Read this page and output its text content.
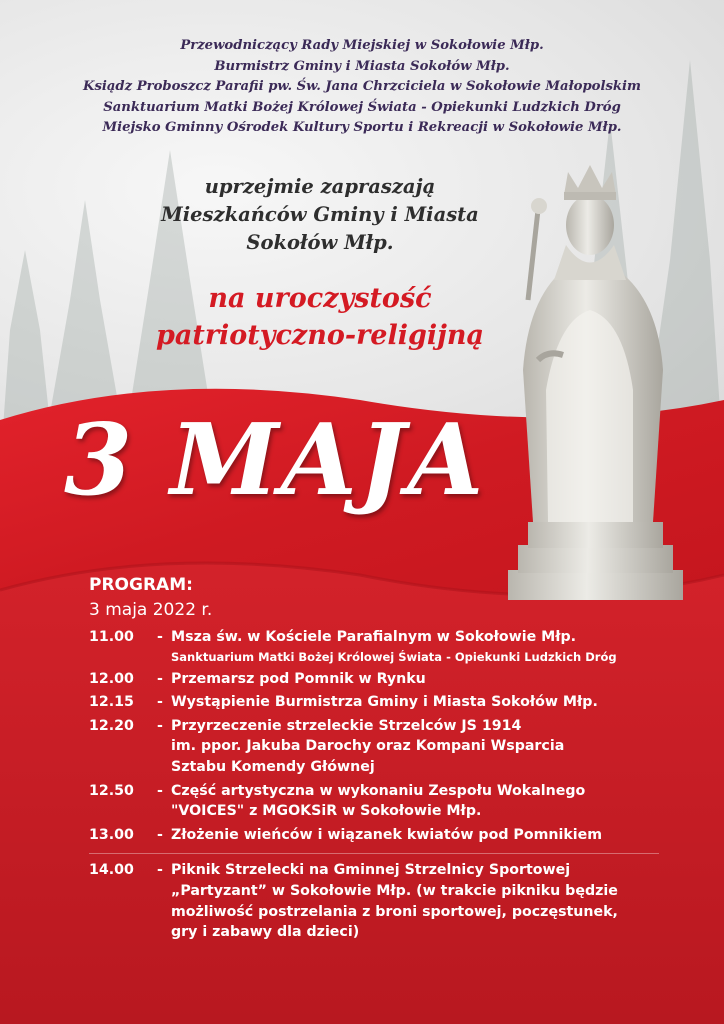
Przewodniczący Rady Miejskiej w Sokołowie Młp.
Burmistrz Gminy i Miasta Sokołów Młp.
Ksiądz Proboszcz Parafii pw. Św. Jana Chrzciciela w Sokołowie Małopolskim
Sanktuarium Matki Bożej Królowej Świata - Opiekunki Ludzkich Dróg
Miejsko Gminny Ośrodek Kultury Sportu i Rekreacji w Sokołowie Młp.
uprzejmie zapraszają
Mieszkańców Gminy i Miasta
Sokołów Młp.
na uroczystość
patriotyczno-religijną
3 MAJA
PROGRAM:
3 maja 2022 r.
11.00	- Msza św. w Kościele Parafialnym w Sokołowie Młp.
Sanktuarium Matki Bożej Królowej Świata - Opiekunki Ludzkich Dróg
12.00	- Przemarsz pod Pomnik w Rynku
12.15	- Wystąpienie Burmistrza Gminy i Miasta Sokołów Młp.
12.20	- Przyrzeczenie strzeleckie Strzelców JS 1914
im. ppor. Jakuba Darochy oraz Kompani Wsparcia
Sztabu Komendy Głównej
12.50	- Część artystyczna w wykonaniu Zespołu Wokalnego
"VOICES" z MGOKSiR w Sokołowie Młp.
13.00	- Złożenie wieńców i wiązanek kwiatów pod Pomnikiem
14.00	- Piknik Strzelecki na Gminnej Strzelnicy Sportowej
„Partyzant” w Sokołowie Młp. (w trakcie pikniku będzie
możliwość postrzelania z broni sportowej, poczęstunek,
gry i zabawy dla dzieci)
